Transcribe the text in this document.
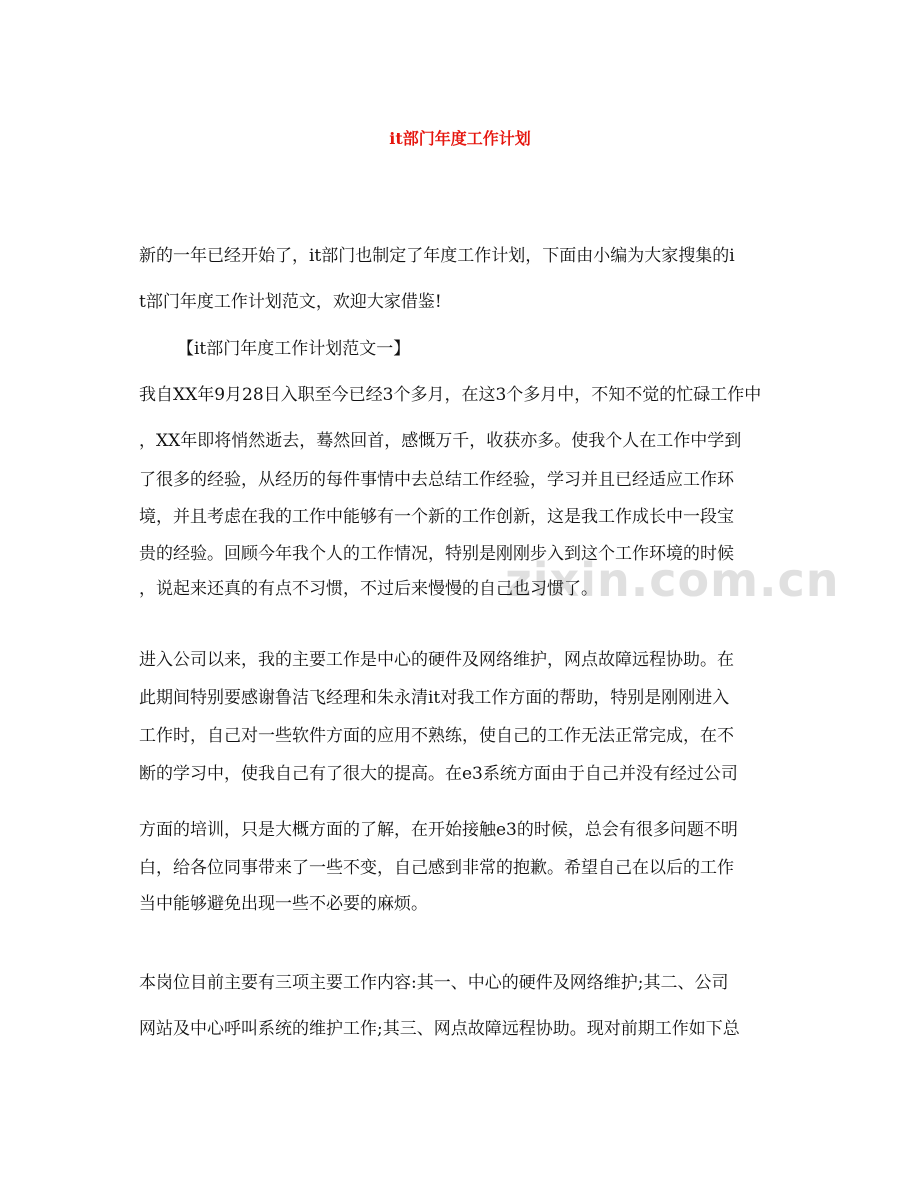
it部门年度工作计划
zixin.com.cn
新的一年已经开始了，it部门也制定了年度工作计划，下面由小编为大家搜集的i
t部门年度工作计划范文，欢迎大家借鉴!
【it部门年度工作计划范文一】
我自XX年9月28日入职至今已经3个多月，在这3个多月中，不知不觉的忙碌工作中
，XX年即将悄然逝去，蓦然回首，感慨万千，收获亦多。使我个人在工作中学到
了很多的经验，从经历的每件事情中去总结工作经验，学习并且已经适应工作环
境，并且考虑在我的工作中能够有一个新的工作创新，这是我工作成长中一段宝
贵的经验。回顾今年我个人的工作情况，特别是刚刚步入到这个工作环境的时候
，说起来还真的有点不习惯，不过后来慢慢的自己也习惯了。
进入公司以来，我的主要工作是中心的硬件及网络维护，网点故障远程协助。在
此期间特别要感谢鲁洁飞经理和朱永清it对我工作方面的帮助，特别是刚刚进入
工作时，自己对一些软件方面的应用不熟练，使自己的工作无法正常完成，在不
断的学习中，使我自己有了很大的提高。在e3系统方面由于自己并没有经过公司
方面的培训，只是大概方面的了解，在开始接触e3的时候，总会有很多问题不明
白，给各位同事带来了一些不变，自己感到非常的抱歉。希望自己在以后的工作
当中能够避免出现一些不必要的麻烦。
本岗位目前主要有三项主要工作内容:其一、中心的硬件及网络维护;其二、公司
网站及中心呼叫系统的维护工作;其三、网点故障远程协助。现对前期工作如下总
